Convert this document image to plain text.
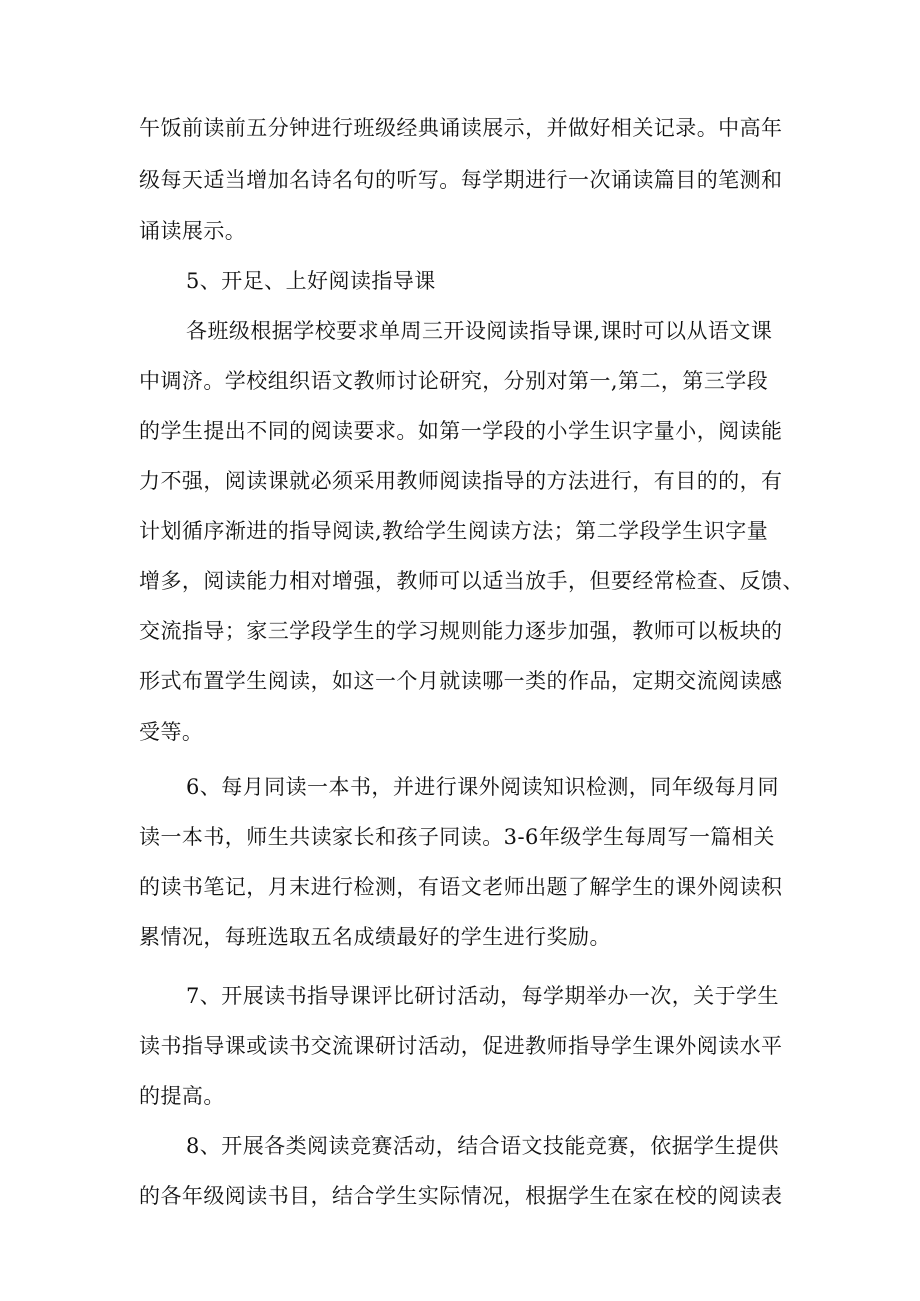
午饭前读前五分钟进行班级经典诵读展示，并做好相关记录。中高年
级每天适当增加名诗名句的听写。每学期进行一次诵读篇目的笔测和
诵读展示。
5、开足、上好阅读指导课
各班级根据学校要求单周三开设阅读指导课,课时可以从语文课
中调济。学校组织语文教师讨论研究，分别对第一,第二，第三学段
的学生提出不同的阅读要求。如第一学段的小学生识字量小，阅读能
力不强，阅读课就必须采用教师阅读指导的方法进行，有目的的，有
计划循序渐进的指导阅读,教给学生阅读方法；第二学段学生识字量
增多，阅读能力相对增强，教师可以适当放手，但要经常检查、反馈、
交流指导；家三学段学生的学习规则能力逐步加强，教师可以板块的
形式布置学生阅读，如这一个月就读哪一类的作品，定期交流阅读感
受等。
6、每月同读一本书，并进行课外阅读知识检测，同年级每月同
读一本书，师生共读家长和孩子同读。3-6年级学生每周写一篇相关
的读书笔记，月末进行检测，有语文老师出题了解学生的课外阅读积
累情况，每班选取五名成绩最好的学生进行奖励。
7、开展读书指导课评比研讨活动，每学期举办一次，关于学生
读书指导课或读书交流课研讨活动，促进教师指导学生课外阅读水平
的提高。
8、开展各类阅读竞赛活动，结合语文技能竞赛，依据学生提供
的各年级阅读书目，结合学生实际情况，根据学生在家在校的阅读表
